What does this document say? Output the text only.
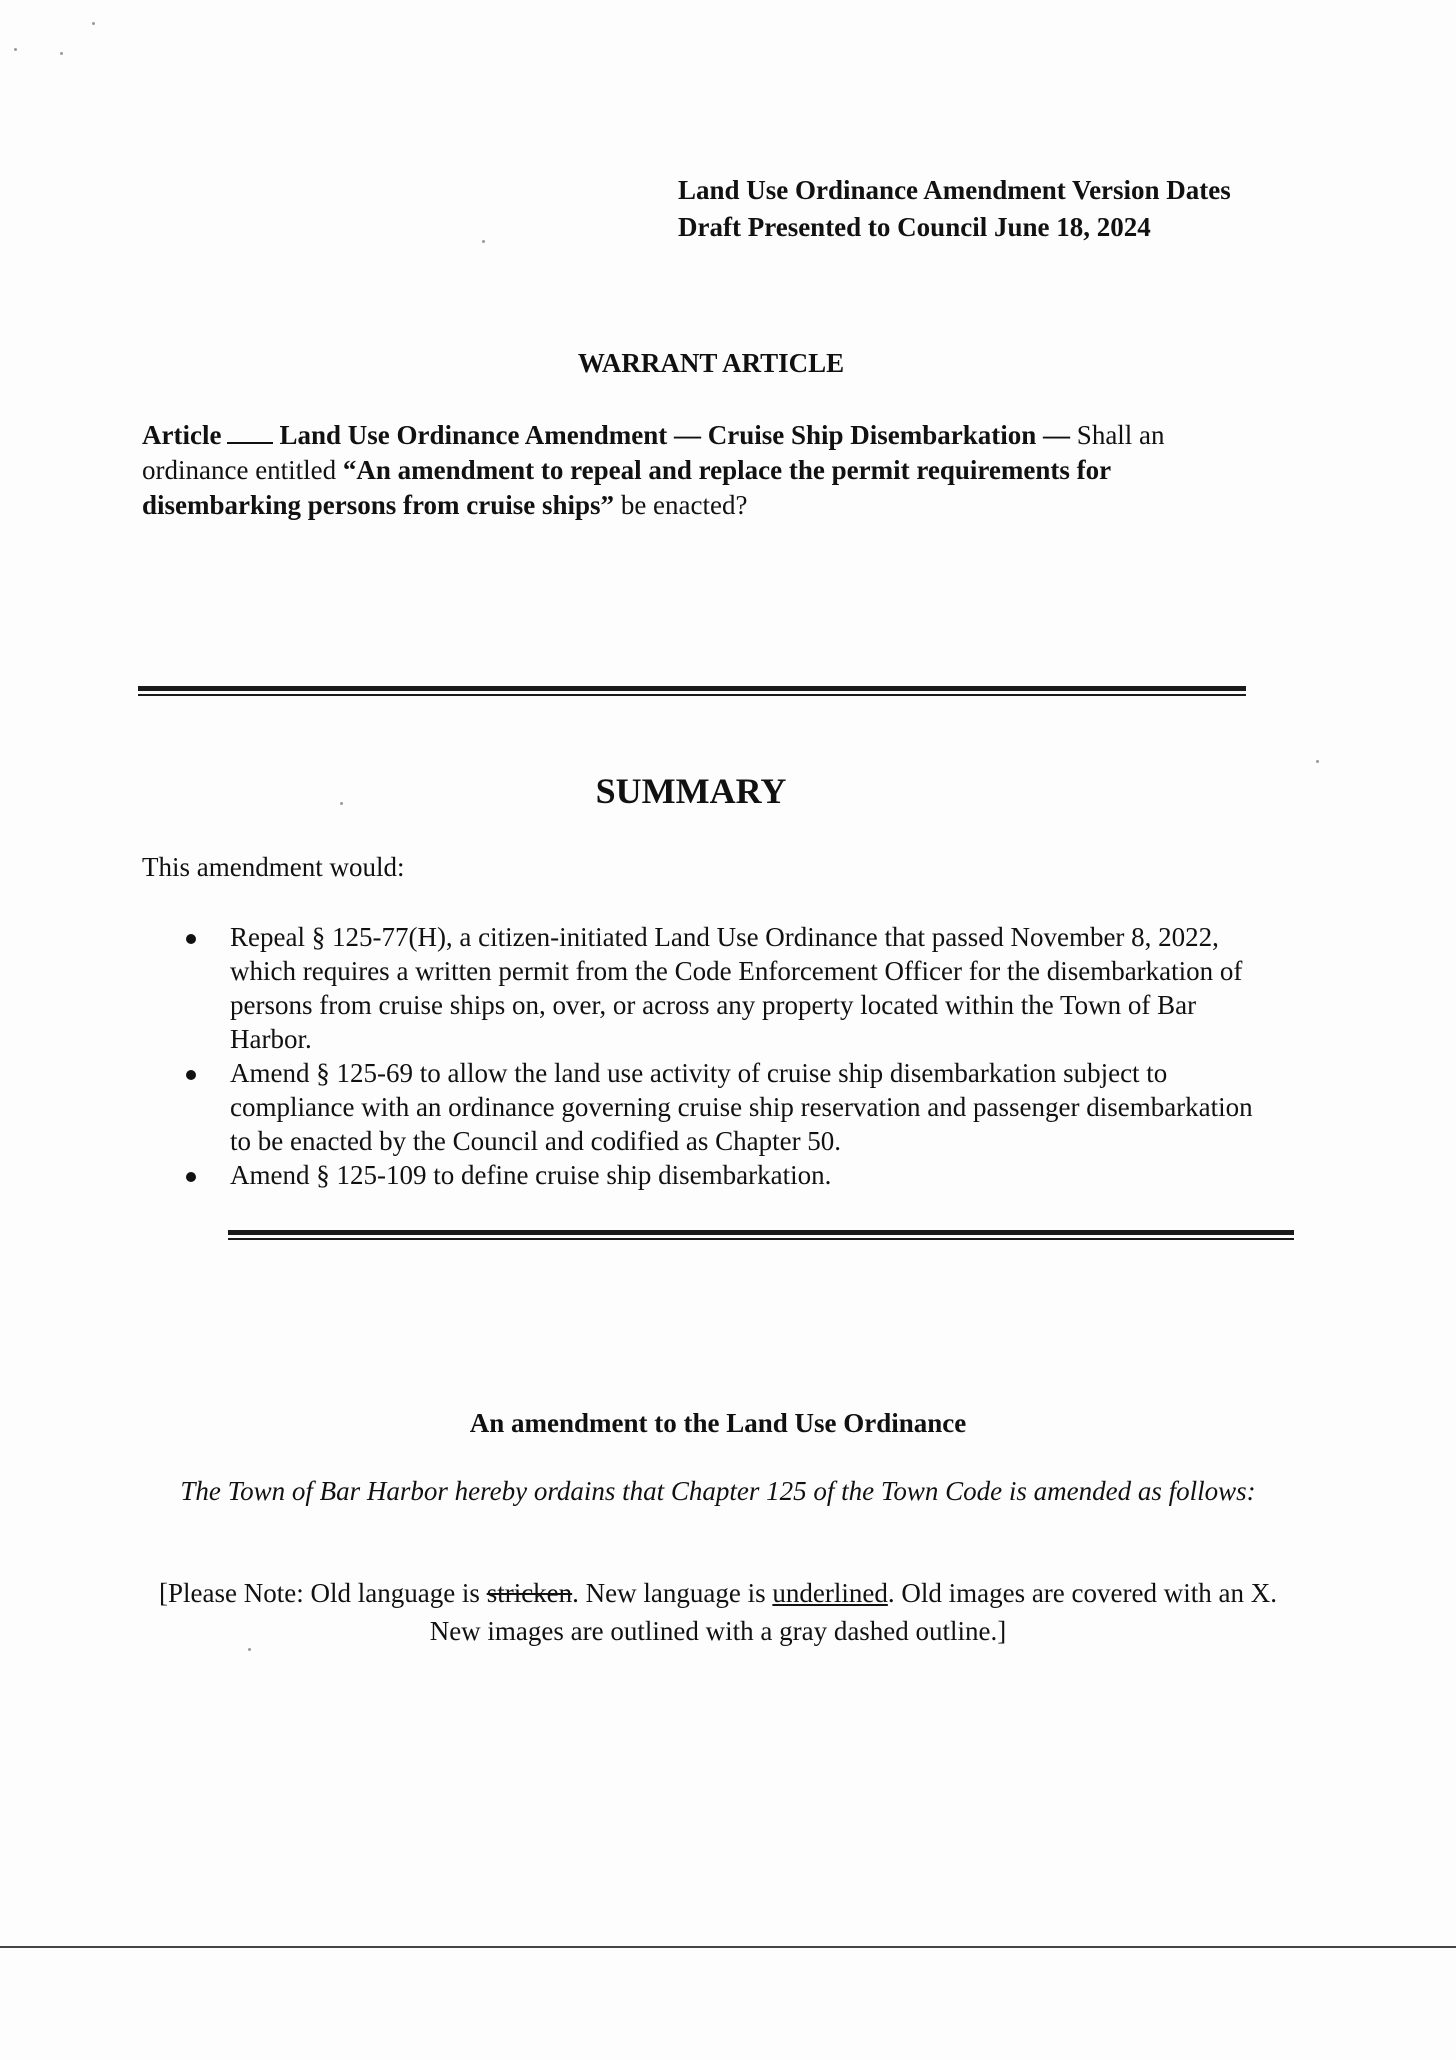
Land Use Ordinance Amendment Version Dates
Draft Presented to Council June 18, 2024
WARRANT ARTICLE
Article Land Use Ordinance Amendment — Cruise Ship Disembarkation — Shall an ordinance entitled “An amendment to repeal and replace the permit requirements for disembarking persons from cruise ships” be enacted?
SUMMARY
This amendment would:
Repeal § 125-77(H), a citizen-initiated Land Use Ordinance that passed November 8, 2022, which requires a written permit from the Code Enforcement Officer for the disembarkation of persons from cruise ships on, over, or across any property located within the Town of Bar Harbor.
Amend § 125-69 to allow the land use activity of cruise ship disembarkation subject to compliance with an ordinance governing cruise ship reservation and passenger disembarkation to be enacted by the Council and codified as Chapter 50.
Amend § 125-109 to define cruise ship disembarkation.
An amendment to the Land Use Ordinance
The Town of Bar Harbor hereby ordains that Chapter 125 of the Town Code is amended as follows:
[Please Note: Old language is stricken. New language is underlined. Old images are covered with an X. New images are outlined with a gray dashed outline.]
